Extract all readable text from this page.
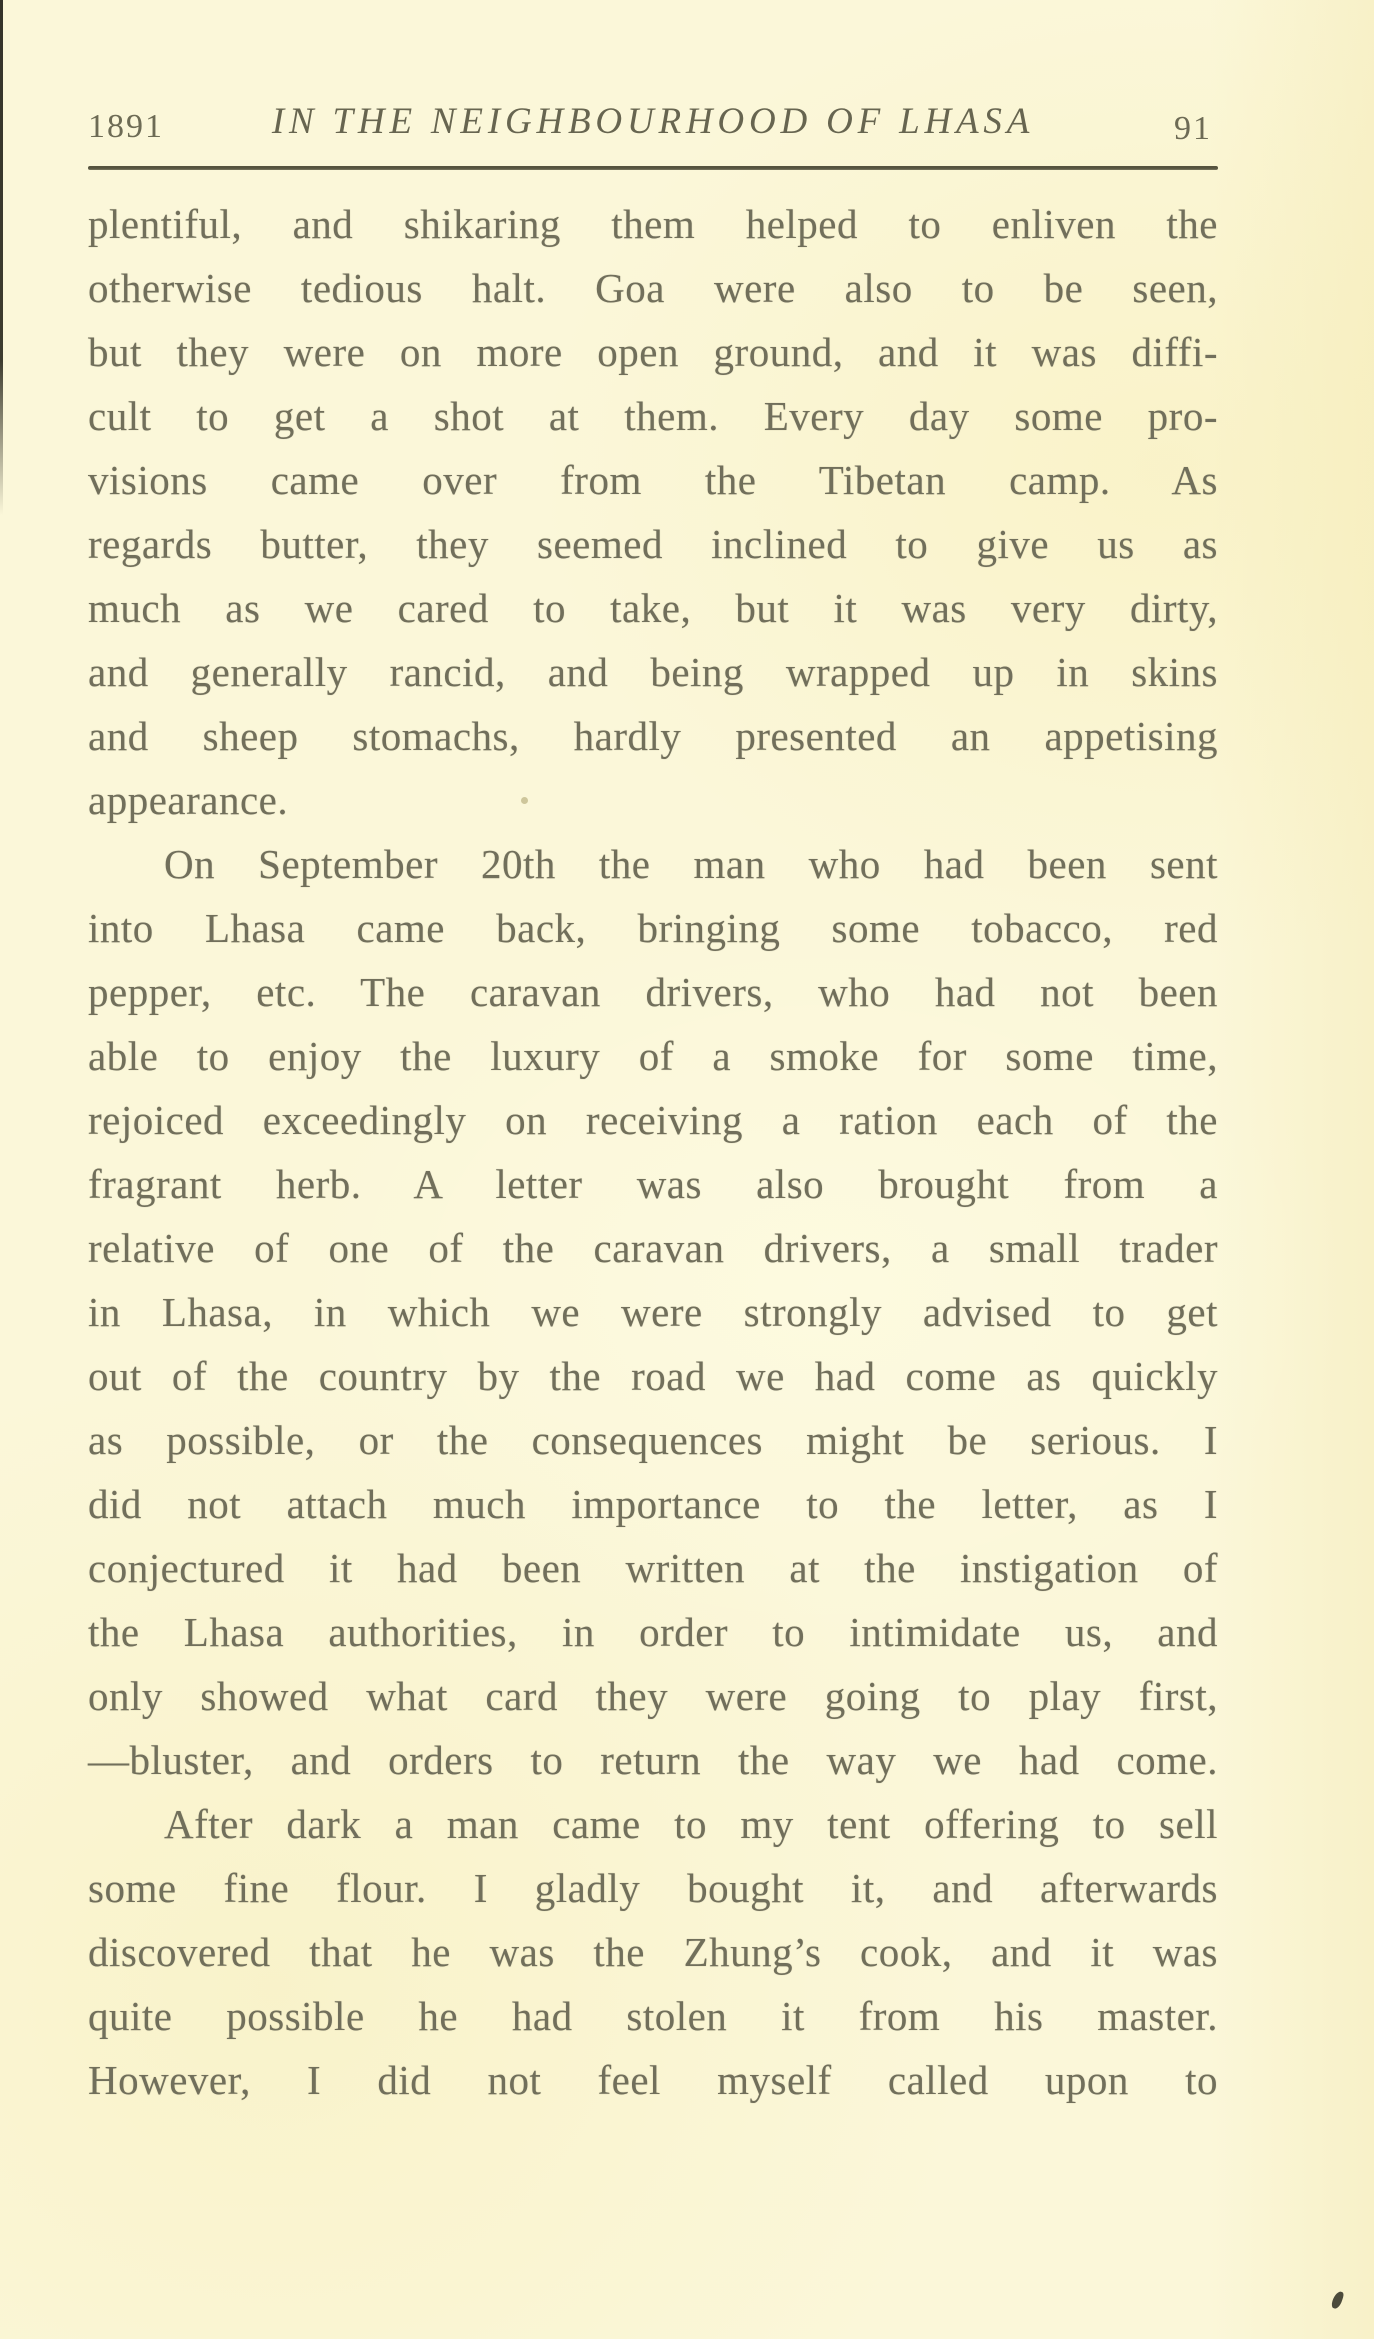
1891	IN THE NEIGHBOURHOOD OF LHASA	91
plentiful, and shikaring them helped to enliven the
otherwise tedious halt. Goa were also to be seen,
but they were on more open ground, and it was diffi-
cult to get a shot at them. Every day some pro-
visions came over from the Tibetan camp. As
regards butter, they seemed inclined to give us as
much as we cared to take, but it was very dirty,
and generally rancid, and being wrapped up in skins
and sheep stomachs, hardly presented an appetising
appearance.
On September 20th the man who had been sent
into Lhasa came back, bringing some tobacco, red
pepper, etc. The caravan drivers, who had not been
able to enjoy the luxury of a smoke for some time,
rejoiced exceedingly on receiving a ration each of the
fragrant herb. A letter was also brought from a
relative of one of the caravan drivers, a small trader
in Lhasa, in which we were strongly advised to get
out of the country by the road we had come as quickly
as possible, or the consequences might be serious. I
did not attach much importance to the letter, as I
conjectured it had been written at the instigation of
the Lhasa authorities, in order to intimidate us, and
only showed what card they were going to play first,
—bluster, and orders to return the way we had come.
After dark a man came to my tent offering to sell
some fine flour. I gladly bought it, and afterwards
discovered that he was the Zhung’s cook, and it was
quite possible he had stolen it from his master.
However, I did not feel myself called upon to
